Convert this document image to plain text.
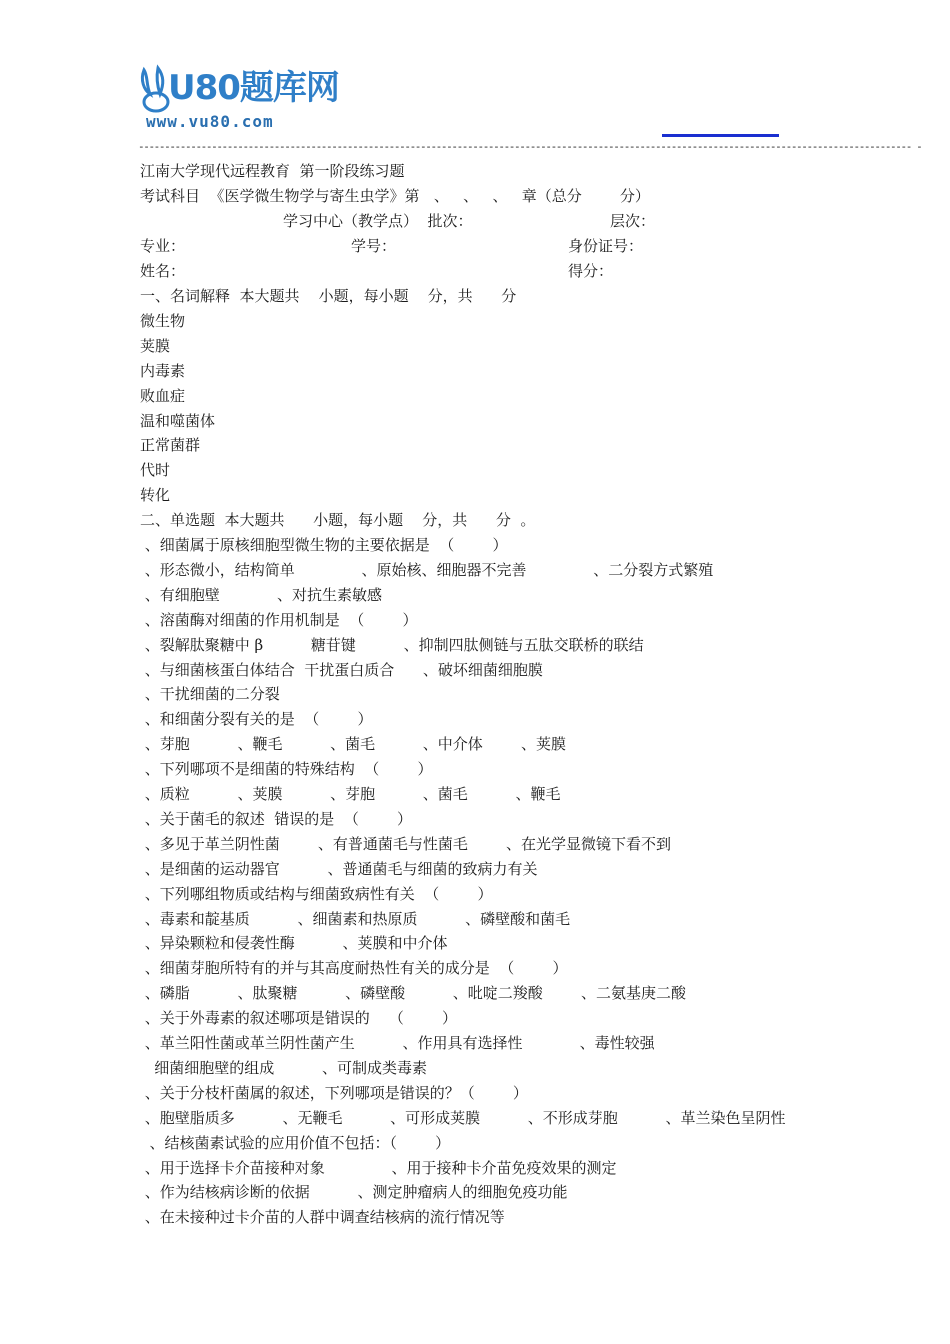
U80题库网
www.vu80.com
---------------------------------------------------------------------------------------------------------------------------------------------------- -
江南大学现代远程教育  第一阶段练习题
考试科目  《医学微生物学与寄生虫学》第   、   、   、   章（总分        分）
学习中心（教学点）  批次：	层次：
专业：	学号：	身份证号：
姓名：	得分：
一、名词解释  本大题共    小题，每小题    分，共      分
微生物
荚膜
内毒素
败血症
温和噬菌体
正常菌群
代时
转化
二、单选题  本大题共      小题，每小题    分，共      分  。
、细菌属于原核细胞型微生物的主要依据是  （        ）
、形态微小，结构简单              、原始核、细胞器不完善              、二分裂方式繁殖
、有细胞壁            、对抗生素敏感
、溶菌酶对细菌的作用机制是  （        ）
、裂解肽聚糖中 β          糖苷键          、抑制四肽侧链与五肽交联桥的联结
、与细菌核蛋白体结合  干扰蛋白质合      、破坏细菌细胞膜
、干扰细菌的二分裂
、和细菌分裂有关的是  （        ）
、芽胞          、鞭毛          、菌毛          、中介体        、荚膜
、下列哪项不是细菌的特殊结构  （        ）
、质粒          、荚膜          、芽胞          、菌毛          、鞭毛
、关于菌毛的叙述  错误的是  （        ）
、多见于革兰阴性菌        、有普通菌毛与性菌毛        、在光学显微镜下看不到
、是细菌的运动器官          、普通菌毛与细菌的致病力有关
、下列哪组物质或结构与细菌致病性有关  （        ）
、毒素和靛基质          、细菌素和热原质          、磷壁酸和菌毛
、异染颗粒和侵袭性酶          、荚膜和中介体
、细菌芽胞所特有的并与其高度耐热性有关的成分是  （        ）
、磷脂          、肽聚糖          、磷壁酸          、吡啶二羧酸        、二氨基庚二酸
、关于外毒素的叙述哪项是错误的    （        ）
、革兰阳性菌或革兰阴性菌产生          、作用具有选择性            、毒性较强
细菌细胞壁的组成          、可制成类毒素
、关于分枝杆菌属的叙述，下列哪项是错误的？（        ）
、胞壁脂质多          、无鞭毛          、可形成荚膜          、不形成芽胞          、革兰染色呈阴性
、结核菌素试验的应用价值不包括：（        ）
、用于选择卡介苗接种对象              、用于接种卡介苗免疫效果的测定
、作为结核病诊断的依据          、测定肿瘤病人的细胞免疫功能
、在未接种过卡介苗的人群中调查结核病的流行情况等
